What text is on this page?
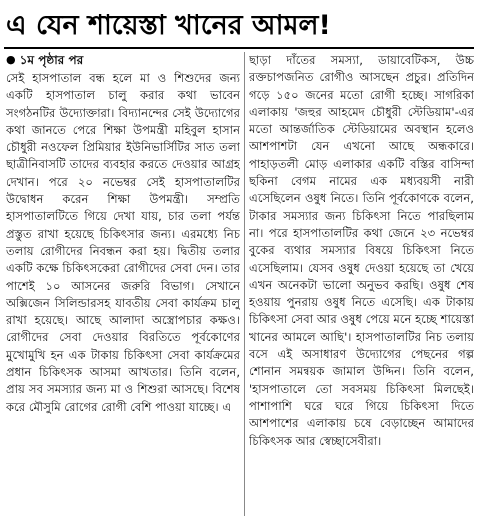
এ যেন শায়েস্তা খানের আমল!
● ১ম পৃষ্ঠার পর

সেই হাসপাতাল বন্ধ হলে মা ও শিশুদের জন্য একটি হাসপাতাল চালু করার কথা ভাবেন সংগঠনটির উদ্যোক্তারা। বিদ্যানন্দের সেই উদ্যোগের কথা জানতে পেরে শিক্ষা উপমন্ত্রী মহিবুল হাসান চৌধুরী নওফেল প্রিমিয়ার ইউনিভার্সিটির সাত তলা ছাত্রীনিবাসটি তাদের ব্যবহার করতে দেওয়ার আগ্রহ দেখান। পরে ২০ নভেম্বর সেই হাসপাতালটির উদ্বোধন করেন শিক্ষা উপমন্ত্রী। সম্প্রতি হাসপাতালটিতে গিয়ে দেখা যায়, চার তলা পর্যন্ত প্রস্তুত রাখা হয়েছে চিকিৎসার জন্য। এরমধ্যে নিচ তলায় রোগীদের নিবন্ধন করা হয়। দ্বিতীয় তলার একটি কক্ষে চিকিৎসকেরা রোগীদের সেবা দেন। তার পাশেই ১০ আসনের জরুরি বিভাগ। সেখানে অক্সিজেন সিলিন্ডারসহ যাবতীয় সেবা কার্যক্রম চালু রাখা হয়েছে। আছে আলাদা অস্ত্রোপচার কক্ষও। রোগীদের সেবা দেওয়ার বিরতিতে পূর্বকোণের মুখোমুখি হন এক টাকায় চিকিৎসা সেবা কার্যক্রমের প্রধান চিকিৎসক আসমা আখতার। তিনি বলেন, প্রায় সব সমস্যার জন্য মা ও শিশুরা আসছে। বিশেষ করে মৌসুমি রোগের রোগী বেশি পাওয়া যাচ্ছে। এ

ছাড়া দাঁতের সমস্যা, ডায়াবেটিকস, উচ্চ রক্তচাপজনিত রোগীও আসছেন প্রচুর। প্রতিদিন গড়ে ১৫০ জনের মতো রোগী হচ্ছে। সাগরিকা এলাকায় 'জহুর আহমেদ চৌধুরী স্টেডিয়াম'-এর মতো আন্তর্জাতিক স্টেডিয়ামের অবস্থান হলেও আশপাশটা যেন এখনো আছে অন্ধকারে। পাহাড়তলী মোড় এলাকার একটি বস্তির বাসিন্দা ছকিনা বেগম নামের এক মধ্যবয়সী নারী এসেছিলেন ওষুধ নিতে। তিনি পূর্বকোণকে বলেন, টাকার সমস্যার জন্য চিকিৎসা নিতে পারছিলাম না। পরে হাসপাতালটির কথা জেনে ২৩ নভেম্বর বুকের ব্যথার সমস্যার বিষয়ে চিকিৎসা নিতে এসেছিলাম। যেসব ওষুধ দেওয়া হয়েছে তা খেয়ে এখন অনেকটা ভালো অনুভব করছি। ওষুধ শেষ হওয়ায় পুনরায় ওষুধ নিতে এসেছি। এক টাকায় চিকিৎসা সেবা আর ওষুধ পেয়ে মনে হচ্ছে শায়েস্তা খানের আমলে আছি'। হাসপাতালটির নিচ তলায় বসে এই অসাধারণ উদ্যোগের পেছনের গল্প শোনান সমন্বয়ক জামাল উদ্দিন। তিনি বলেন, 'হাসপাতালে তো সবসময় চিকিৎসা মিলছেই। পাশাপাশি ঘরে ঘরে গিয়ে চিকিৎসা দিতে আশপাশের এলাকায় চষে বেড়াচ্ছেন আমাদের চিকিৎসক আর স্বেচ্ছাসেবীরা।
